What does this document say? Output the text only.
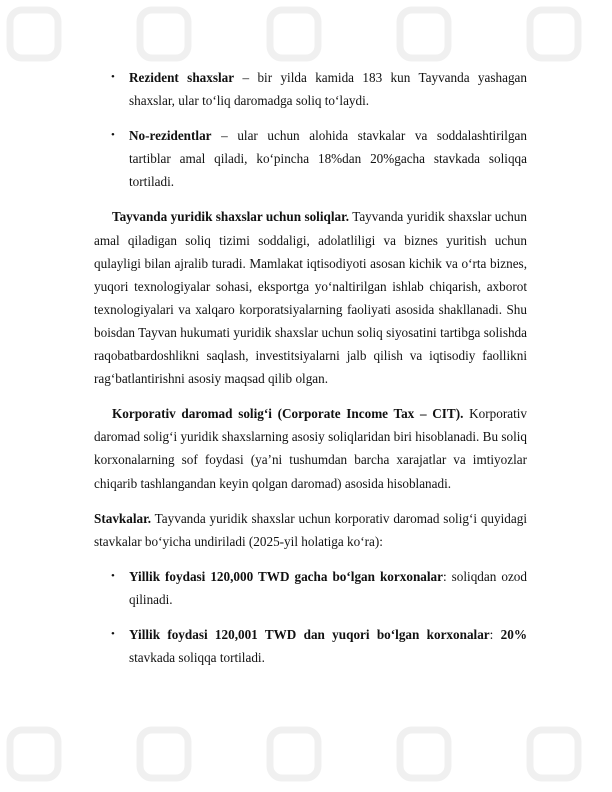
• Rezident shaxslar – bir yilda kamida 183 kun Tayvanda yashagan shaxslar, ular to‘liq daromadga soliq to‘laydi.
• No-rezidentlar – ular uchun alohida stavkalar va soddalashtirilgan tartiblar amal qiladi, ko‘pincha 18%dan 20%gacha stavkada soliqqa tortiladi.

Tayvanda yuridik shaxslar uchun soliqlar. Tayvanda yuridik shaxslar uchun amal qiladigan soliq tizimi soddaligi, adolatliligi va biznes yuritish uchun qulayligi bilan ajralib turadi. Mamlakat iqtisodiyoti asosan kichik va o‘rta biznes, yuqori texnologiyalar sohasi, eksportga yo‘naltirilgan ishlab chiqarish, axborot texnologiyalari va xalqaro korporatsiyalarning faoliyati asosida shakllanadi. Shu boisdan Tayvan hukumati yuridik shaxslar uchun soliq siyosatini tartibga solishda raqobatbardoshlikni saqlash, investitsiyalarni jalb qilish va iqtisodiy faollikni rag‘batlantirishni asosiy maqsad qilib olgan.

Korporativ daromad solig‘i (Corporate Income Tax – CIT). Korporativ daromad solig‘i yuridik shaxslarning asosiy soliqlaridan biri hisoblanadi. Bu soliq korxonalarning sof foydasi (ya’ni tushumdan barcha xarajatlar va imtiyozlar chiqarib tashlangandan keyin qolgan daromad) asosida hisoblanadi.

Stavkalar. Tayvanda yuridik shaxslar uchun korporativ daromad solig‘i quyidagi stavkalar bo‘yicha undiriladi (2025-yil holatiga ko‘ra):

• Yillik foydasi 120,000 TWD gacha bo‘lgan korxonalar: soliqdan ozod qilinadi.
• Yillik foydasi 120,001 TWD dan yuqori bo‘lgan korxonalar: 20% stavkada soliqqa tortiladi.
